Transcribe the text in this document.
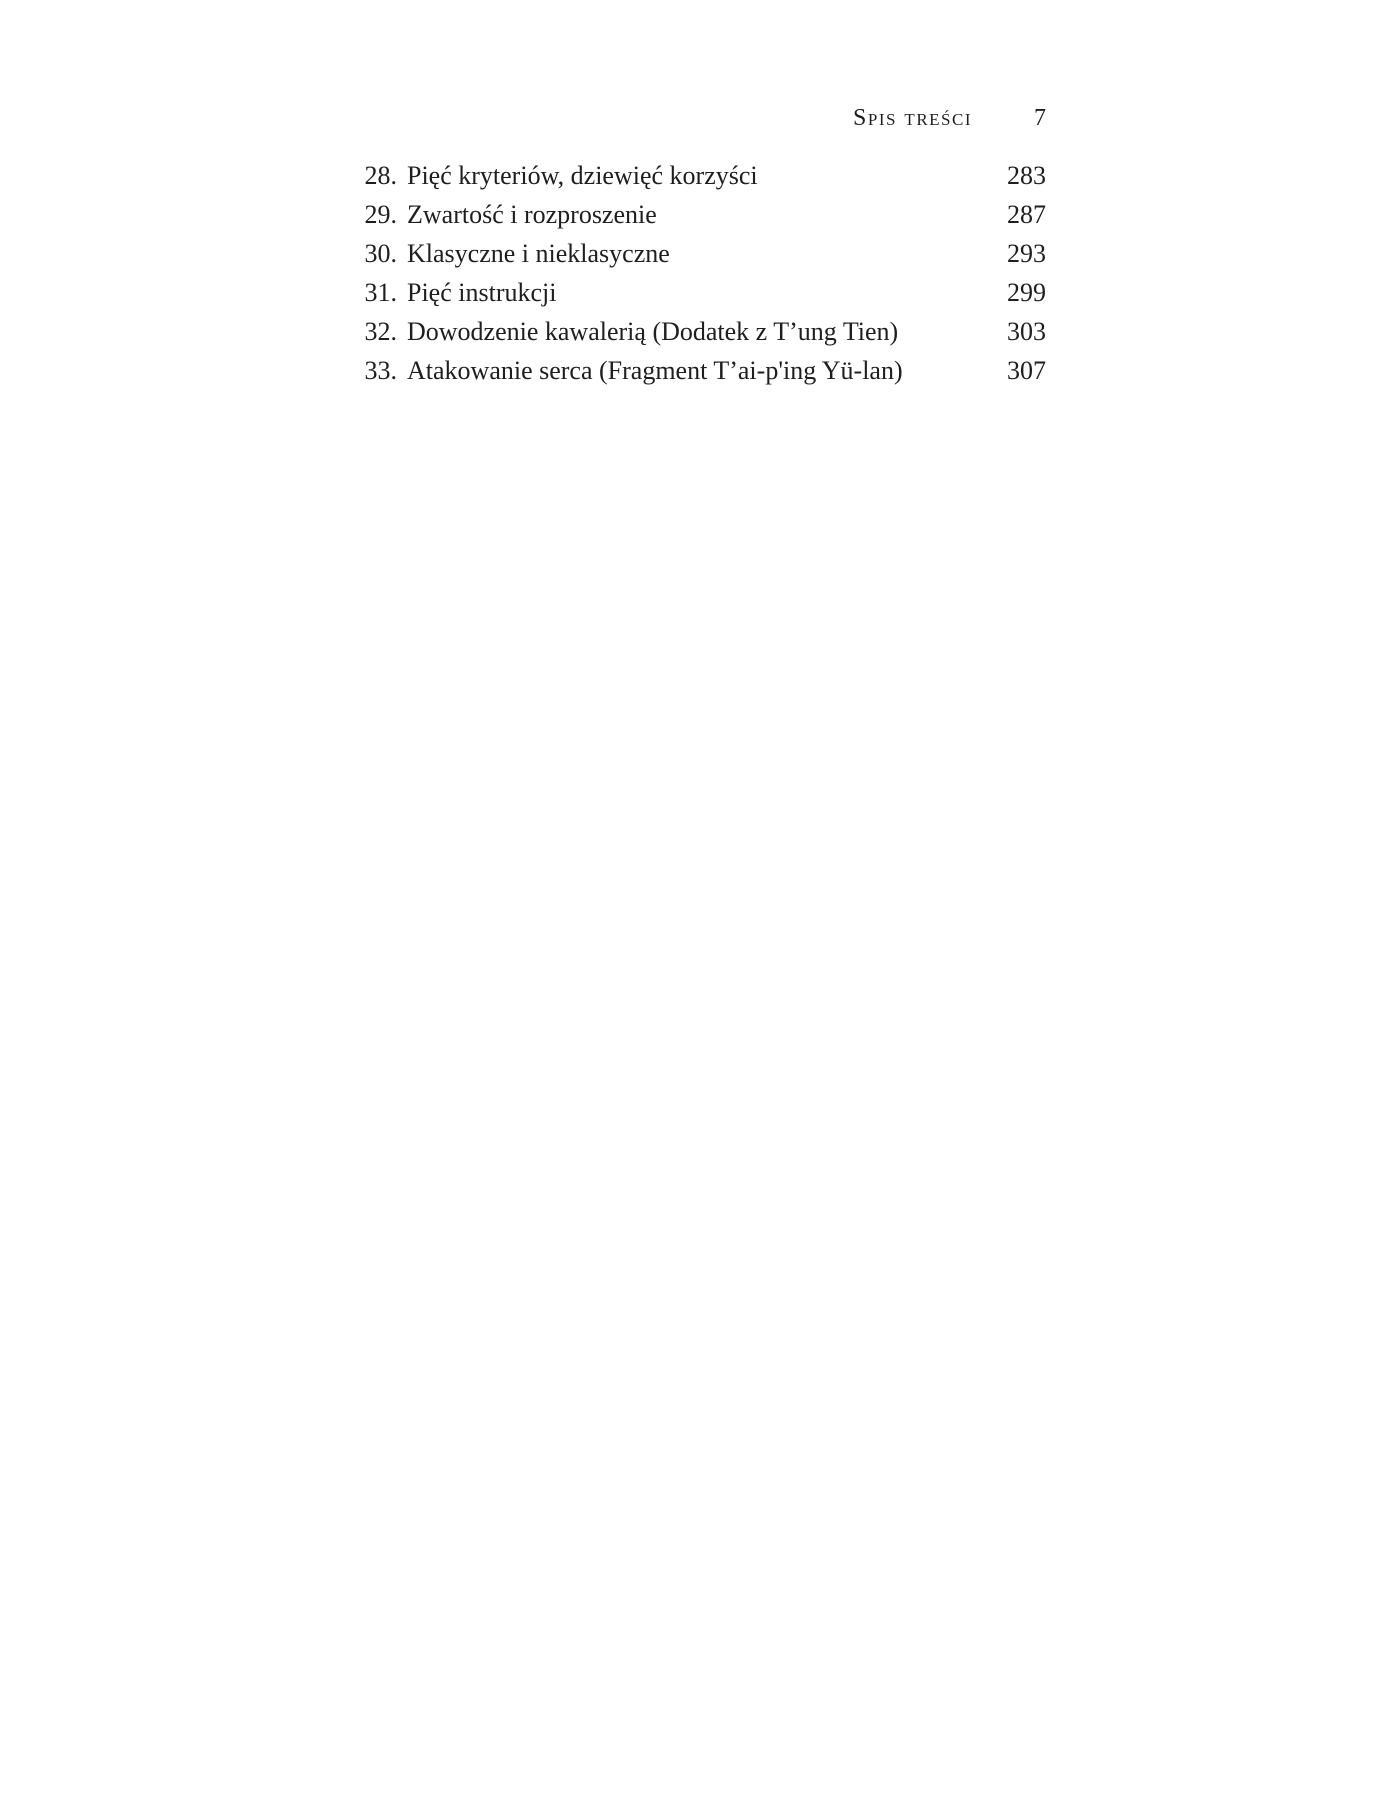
Spis treści	7
28. Pięć kryteriów, dziewięć korzyści	283
29. Zwartość i rozproszenie	287
30. Klasyczne i nieklasyczne	293
31. Pięć instrukcji	299
32. Dowodzenie kawalerią (Dodatek z T’ung Tien)	303
33. Atakowanie serca (Fragment T’ai-p'ing Yü-lan)	307
